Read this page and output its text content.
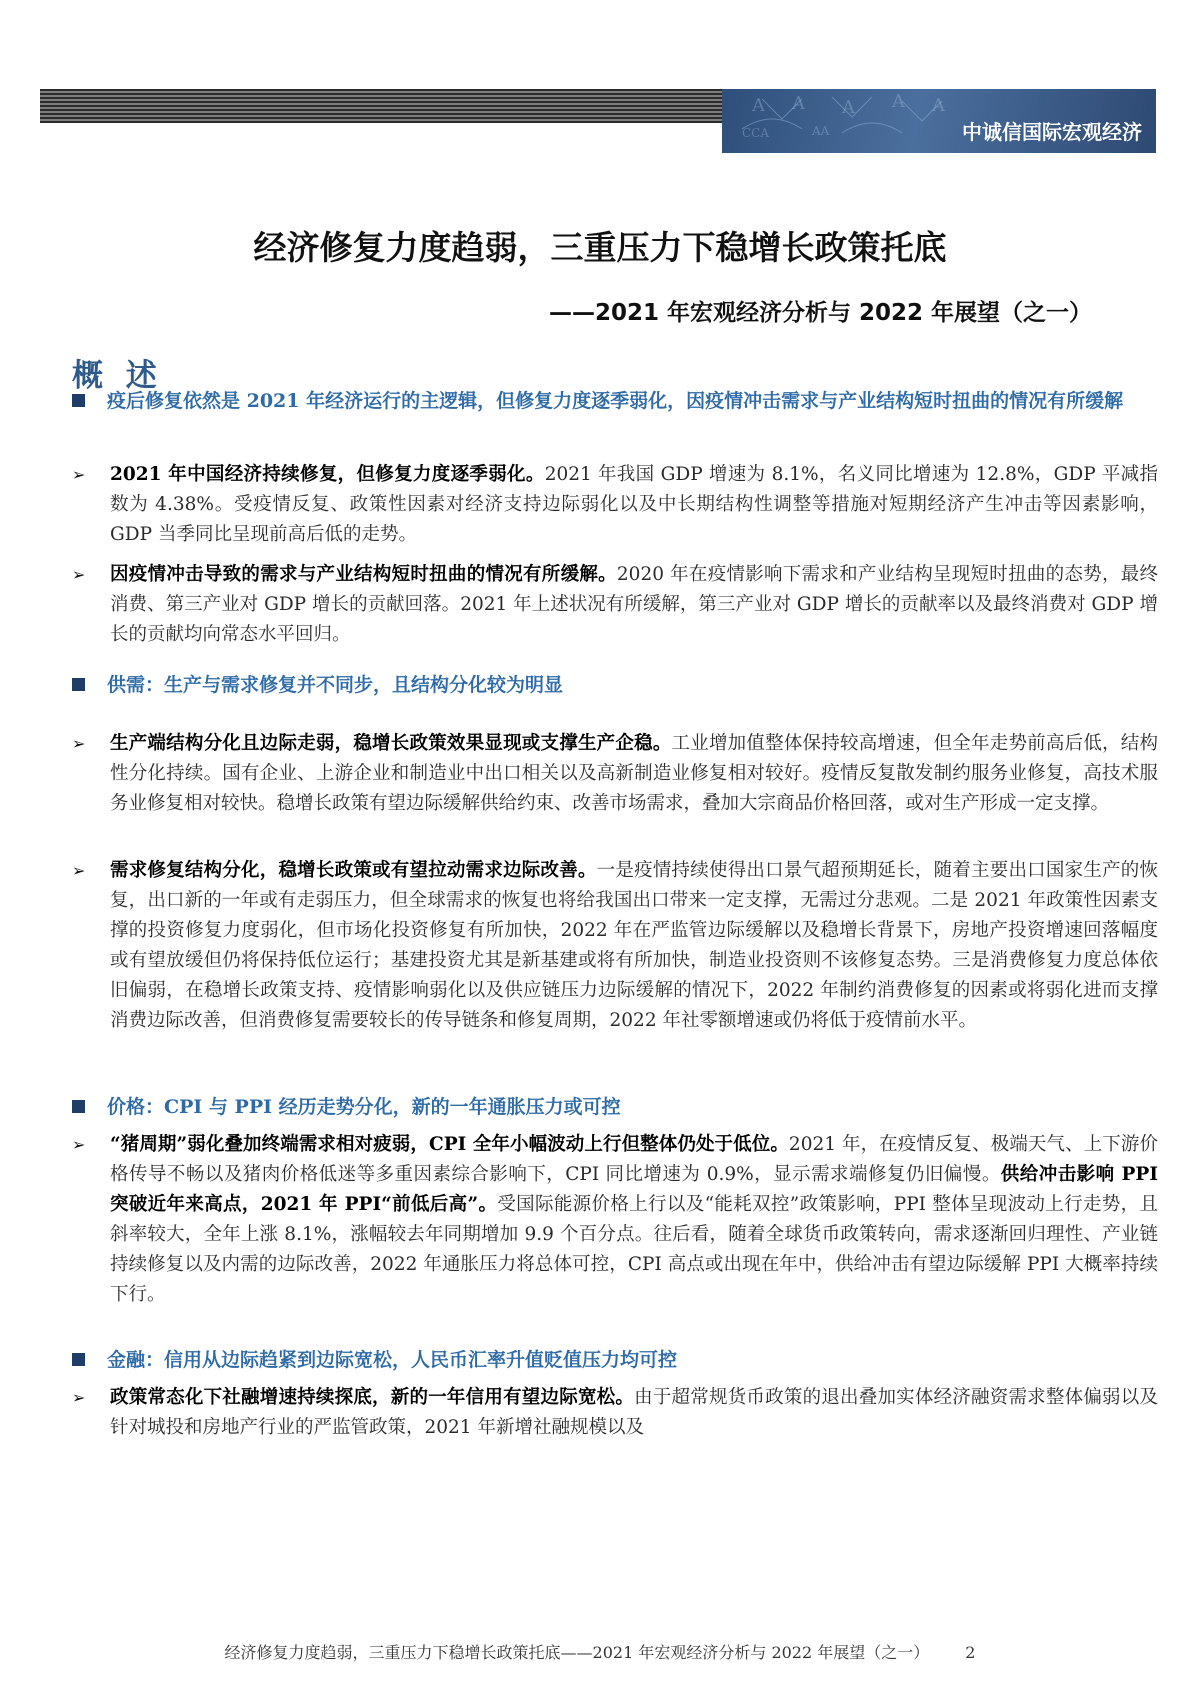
A A A A A
CCA	AA	中诚信国际宏观经济
经济修复力度趋弱，三重压力下稳增长政策托底
——2021 年宏观经济分析与 2022 年展望（之一）
概 述
疫后修复依然是 2021 年经济运行的主逻辑，但修复力度逐季弱化，因疫情冲击需求与产业结构短时扭曲的情况有所缓解
➢	2021 年中国经济持续修复，但修复力度逐季弱化。2021 年我国 GDP 增速为 8.1%，名义同比增速为 12.8%，GDP 平减指数为 4.38%。受疫情反复、政策性因素对经济支持边际弱化以及中长期结构性调整等措施对短期经济产生冲击等因素影响，GDP 当季同比呈现前高后低的走势。
➢	因疫情冲击导致的需求与产业结构短时扭曲的情况有所缓解。2020 年在疫情影响下需求和产业结构呈现短时扭曲的态势，最终消费、第三产业对 GDP 增长的贡献回落。2021 年上述状况有所缓解，第三产业对 GDP 增长的贡献率以及最终消费对 GDP 增长的贡献均向常态水平回归。
供需：生产与需求修复并不同步，且结构分化较为明显
➢	生产端结构分化且边际走弱，稳增长政策效果显现或支撑生产企稳。工业增加值整体保持较高增速，但全年走势前高后低，结构性分化持续。国有企业、上游企业和制造业中出口相关以及高新制造业修复相对较好。疫情反复散发制约服务业修复，高技术服务业修复相对较快。稳增长政策有望边际缓解供给约束、改善市场需求，叠加大宗商品价格回落，或对生产形成一定支撑。
➢	需求修复结构分化，稳增长政策或有望拉动需求边际改善。一是疫情持续使得出口景气超预期延长，随着主要出口国家生产的恢复，出口新的一年或有走弱压力，但全球需求的恢复也将给我国出口带来一定支撑，无需过分悲观。二是 2021 年政策性因素支撑的投资修复力度弱化，但市场化投资修复有所加快，2022 年在严监管边际缓解以及稳增长背景下，房地产投资增速回落幅度或有望放缓但仍将保持低位运行；基建投资尤其是新基建或将有所加快，制造业投资则不该修复态势。三是消费修复力度总体依旧偏弱，在稳增长政策支持、疫情影响弱化以及供应链压力边际缓解的情况下，2022 年制约消费修复的因素或将弱化进而支撑消费边际改善，但消费修复需要较长的传导链条和修复周期，2022 年社零额增速或仍将低于疫情前水平。
价格：CPI 与 PPI 经历走势分化，新的一年通胀压力或可控
➢	“猪周期”弱化叠加终端需求相对疲弱，CPI 全年小幅波动上行但整体仍处于低位。2021 年，在疫情反复、极端天气、上下游价格传导不畅以及猪肉价格低迷等多重因素综合影响下，CPI 同比增速为 0.9%，显示需求端修复仍旧偏慢。供给冲击影响 PPI 突破近年来高点，2021 年 PPI“前低后高”。受国际能源价格上行以及“能耗双控”政策影响，PPI 整体呈现波动上行走势，且斜率较大，全年上涨 8.1%，涨幅较去年同期增加 9.9 个百分点。往后看，随着全球货币政策转向，需求逐渐回归理性、产业链持续修复以及内需的边际改善，2022 年通胀压力将总体可控，CPI 高点或出现在年中，供给冲击有望边际缓解 PPI 大概率持续下行。
金融：信用从边际趋紧到边际宽松，人民币汇率升值贬值压力均可控
➢	政策常态化下社融增速持续探底，新的一年信用有望边际宽松。由于超常规货币政策的退出叠加实体经济融资需求整体偏弱以及针对城投和房地产行业的严监管政策，2021 年新增社融规模以及
经济修复力度趋弱，三重压力下稳增长政策托底——2021 年宏观经济分析与 2022 年展望（之一） 2
